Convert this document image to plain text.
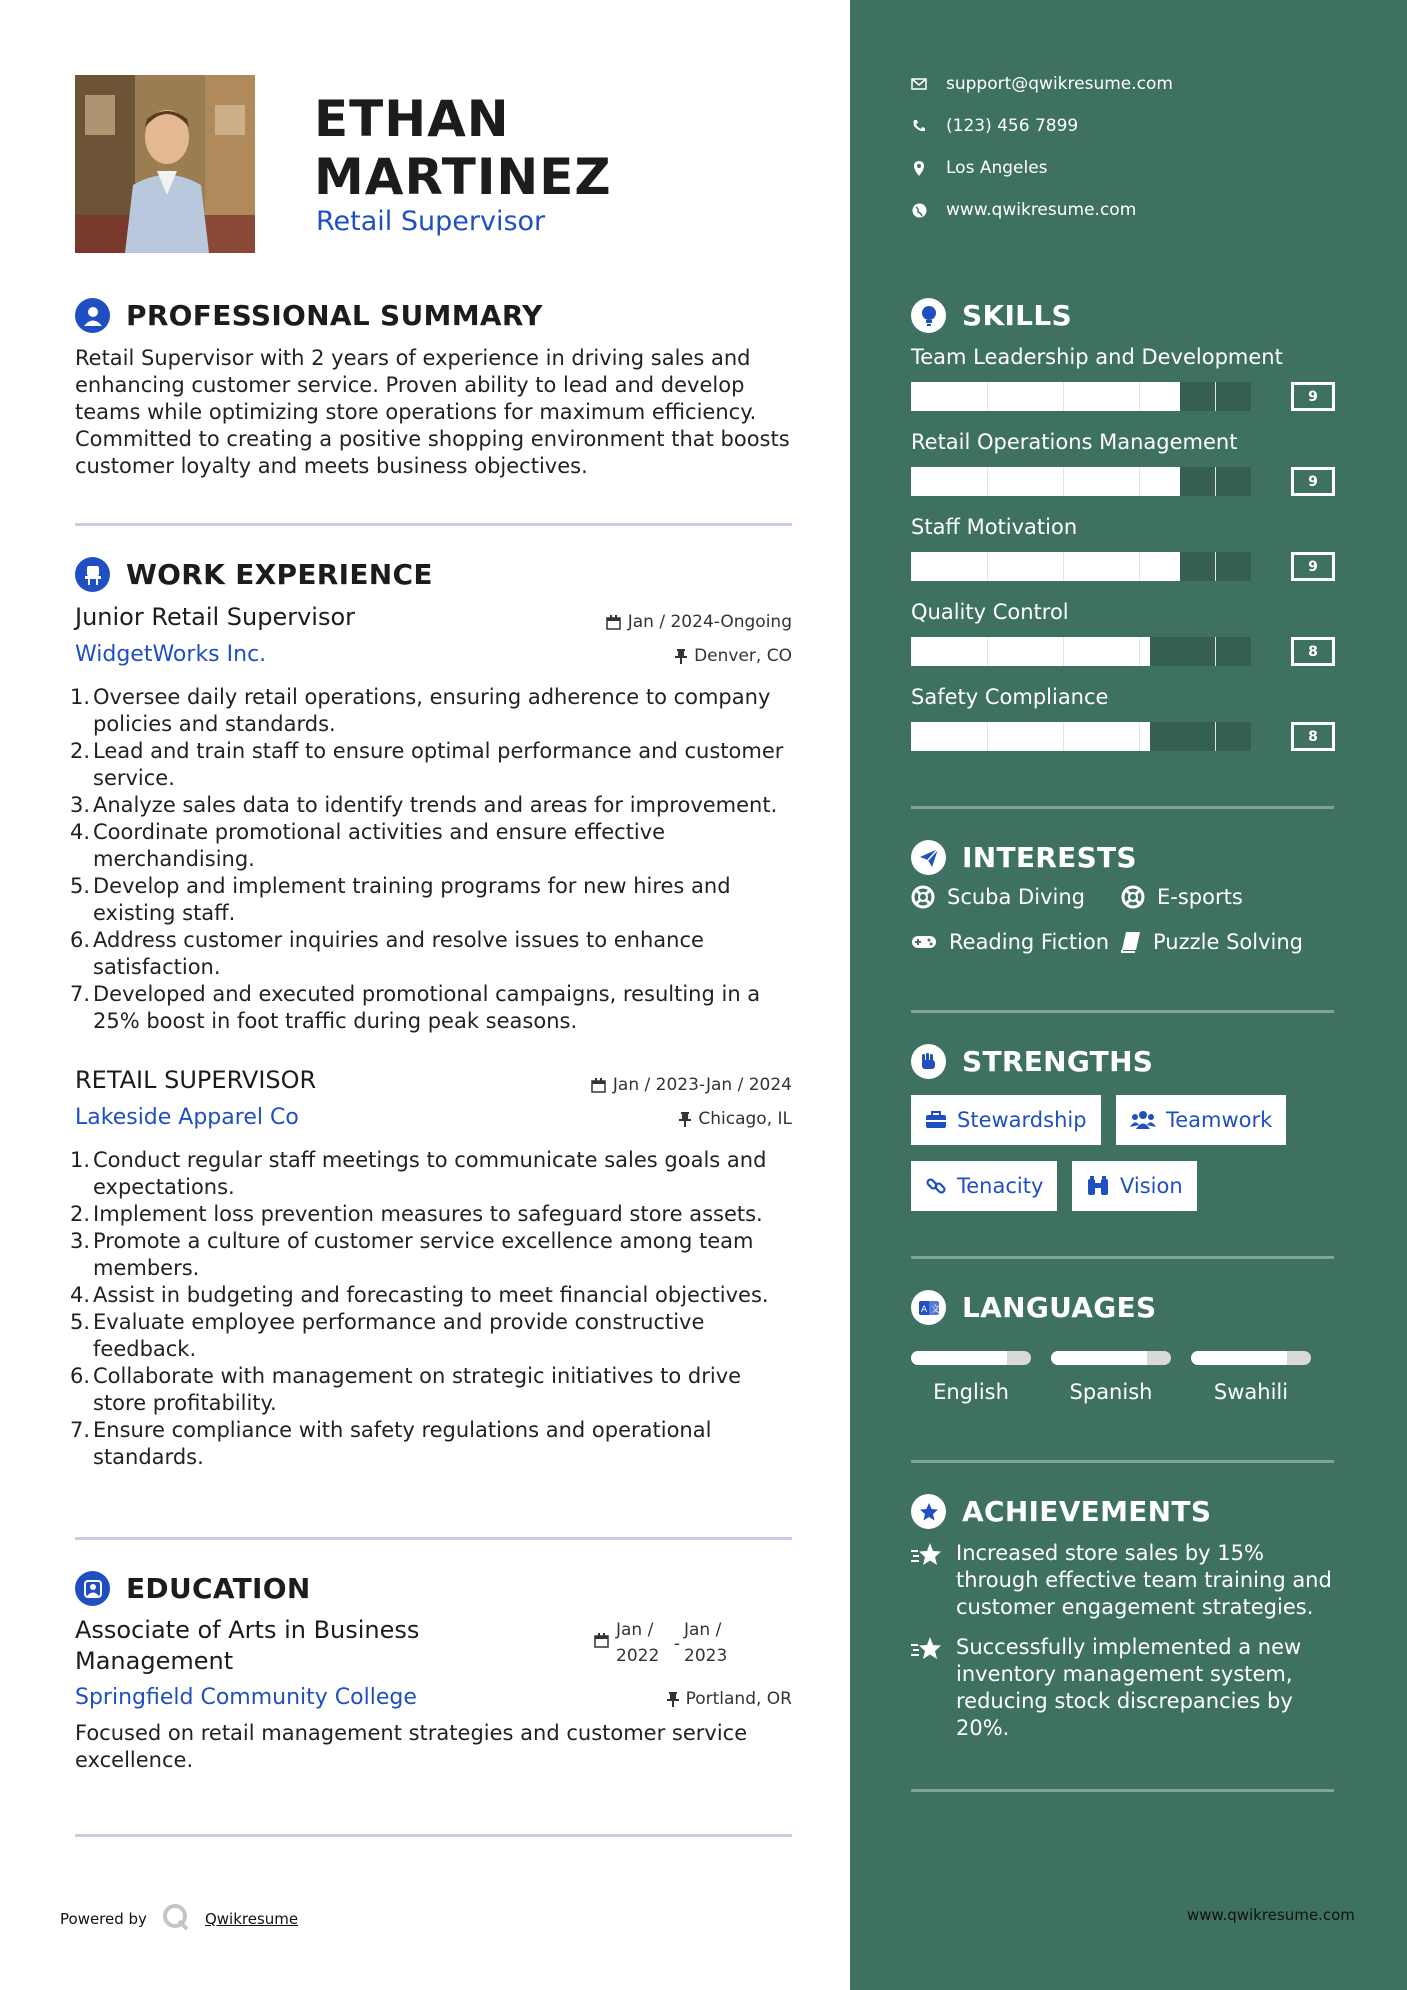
ETHAN
MARTINEZ
Retail Supervisor
PROFESSIONAL SUMMARY
Retail Supervisor with 2 years of experience in driving sales and enhancing customer service. Proven ability to lead and develop teams while optimizing store operations for maximum efficiency. Committed to creating a positive shopping environment that boosts customer loyalty and meets business objectives.
WORK EXPERIENCE
Junior Retail Supervisor	Jan / 2024-Ongoing
WidgetWorks Inc.	Denver, CO
Oversee daily retail operations, ensuring adherence to company policies and standards.
Lead and train staff to ensure optimal performance and customer service.
Analyze sales data to identify trends and areas for improvement.
Coordinate promotional activities and ensure effective merchandising.
Develop and implement training programs for new hires and existing staff.
Address customer inquiries and resolve issues to enhance satisfaction.
Developed and executed promotional campaigns, resulting in a 25% boost in foot traffic during peak seasons.
RETAIL SUPERVISOR	Jan / 2023-Jan / 2024
Lakeside Apparel Co	Chicago, IL
Conduct regular staff meetings to communicate sales goals and expectations.
Implement loss prevention measures to safeguard store assets.
Promote a culture of customer service excellence among team members.
Assist in budgeting and forecasting to meet financial objectives.
Evaluate employee performance and provide constructive feedback.
Collaborate with management on strategic initiatives to drive store profitability.
Ensure compliance with safety regulations and operational standards.
EDUCATION
Associate of Arts in Business Management
Jan / 2022
-
Jan / 2023
Springfield Community College	Portland, OR
Focused on retail management strategies and customer service excellence.
Powered by	Qwikresume
support@qwikresume.com
(123) 456 7899
Los Angeles
www.qwikresume.com
SKILLS
Team Leadership and Development
9
Retail Operations Management
9
Staff Motivation
9
Quality Control
8
Safety Compliance
8
INTERESTS
Scuba Diving	E-sports
Reading Fiction Puzzle Solving
STRENGTHS
Stewardship	Teamwork
Tenacity	Vision
A 文 LANGUAGES
English	Spanish	Swahili
ACHIEVEMENTS
Increased store sales by 15% through effective team training and customer engagement strategies.
Successfully implemented a new inventory management system, reducing stock discrepancies by 20%.
www.qwikresume.com
